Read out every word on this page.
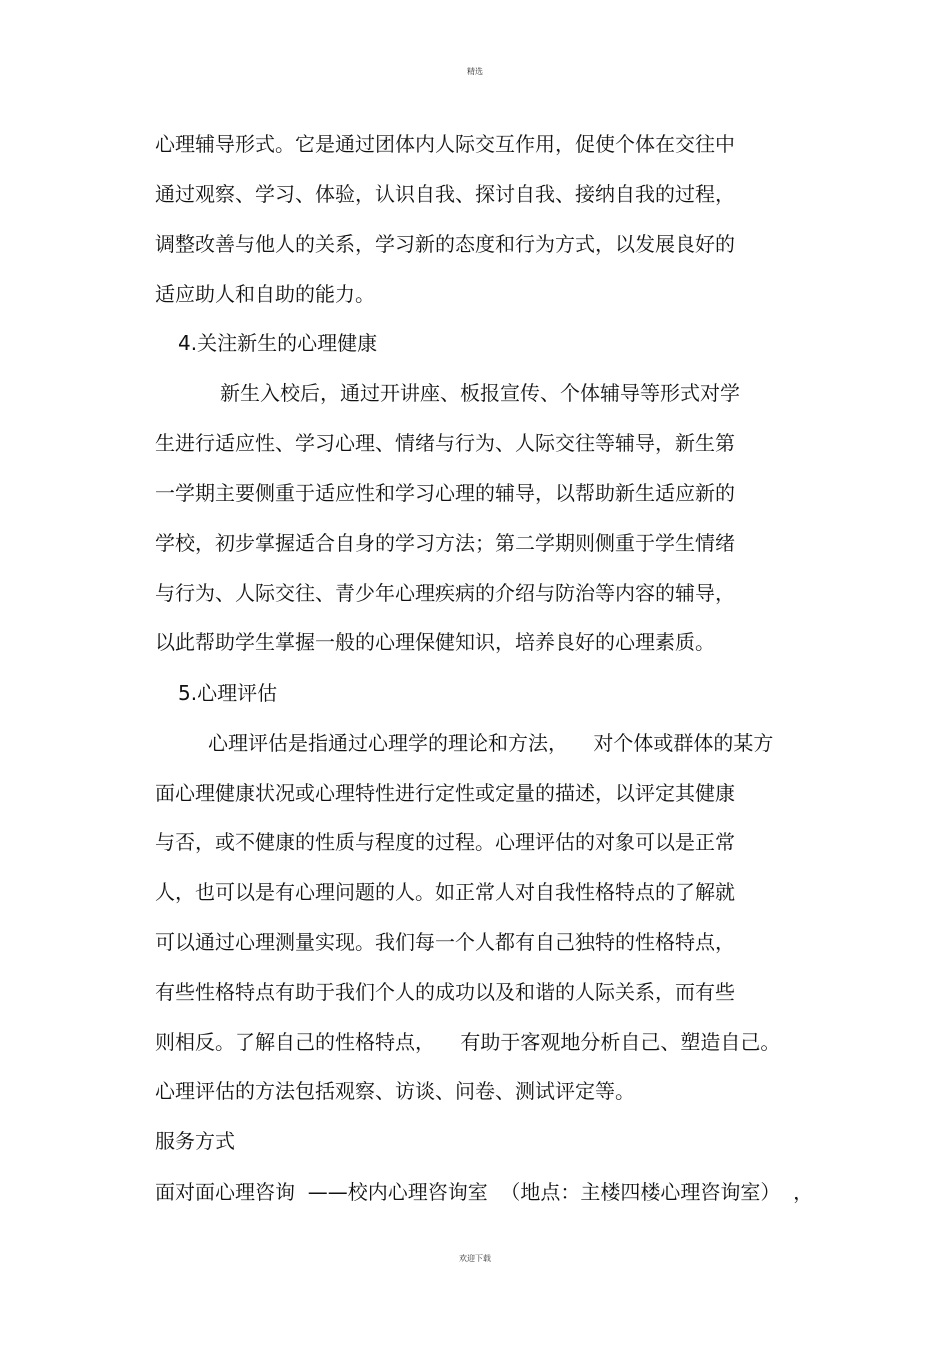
精选
心理辅导形式。它是通过团体内人际交互作用，促使个体在交往中
通过观察、学习、体验，认识自我、探讨自我、接纳自我的过程，
调整改善与他人的关系，学习新的态度和行为方式，以发展良好的
适应助人和自助的能力。
4.关注新生的心理健康
新生入校后，通过开讲座、板报宣传、个体辅导等形式对学
生进行适应性、学习心理、情绪与行为、人际交往等辅导，新生第
一学期主要侧重于适应性和学习心理的辅导，以帮助新生适应新的
学校，初步掌握适合自身的学习方法；第二学期则侧重于学生情绪
与行为、人际交往、青少年心理疾病的介绍与防治等内容的辅导，
以此帮助学生掌握一般的心理保健知识，培养良好的心理素质。
5.心理评估
心理评估是指通过心理学的理论和方法，    对个体或群体的某方
面心理健康状况或心理特性进行定性或定量的描述，以评定其健康
与否，或不健康的性质与程度的过程。心理评估的对象可以是正常
人，也可以是有心理问题的人。如正常人对自我性格特点的了解就
可以通过心理测量实现。我们每一个人都有自己独特的性格特点，
有些性格特点有助于我们个人的成功以及和谐的人际关系，而有些
则相反。了解自己的性格特点，    有助于客观地分析自己、塑造自己。
心理评估的方法包括观察、访谈、问卷、测试评定等。
服务方式
面对面心理咨询  ——校内心理咨询室  （地点：主楼四楼心理咨询室）  ，
欢迎下载
